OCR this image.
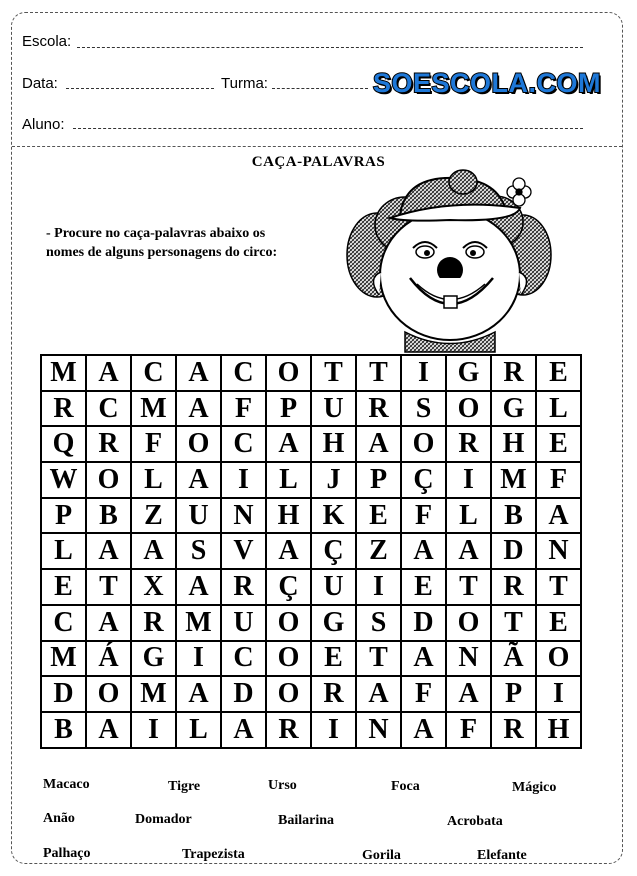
Escola:
Data:	Turma:	SOESCOLA.COM
Aluno:
CAÇA-PALAVRAS
- Procure no caça-palavras abaixo os
nomes de alguns personagens do circo:
M	A	C	A	C	O	T	T	I	G	R	E
R	C	M	A	F	P	U	R	S	O	G	L
Q	R	F	O	C	A	H	A	O	R	H	E
W	O	L	A	I	L	J	P	Ç	I	M	F
P	B	Z	U	N	H	K	E	F	L	B	A
L	A	A	S	V	A	Ç	Z	A	A	D	N
E	T	X	A	R	Ç	U	I	E	T	R	T
C	A	R	M	U	O	G	S	D	O	T	E
M	Á	G	I	C	O	E	T	A	N	Ã	O
D	O	M	A	D	O	R	A	F	A	P	I
B	A	I	L	A	R	I	N	A	F	R	H
Macaco	Tigre	Urso	Foca	Mágico
Anão	Domador	Bailarina	Acrobata
Palhaço	Trapezista	Gorila	Elefante
